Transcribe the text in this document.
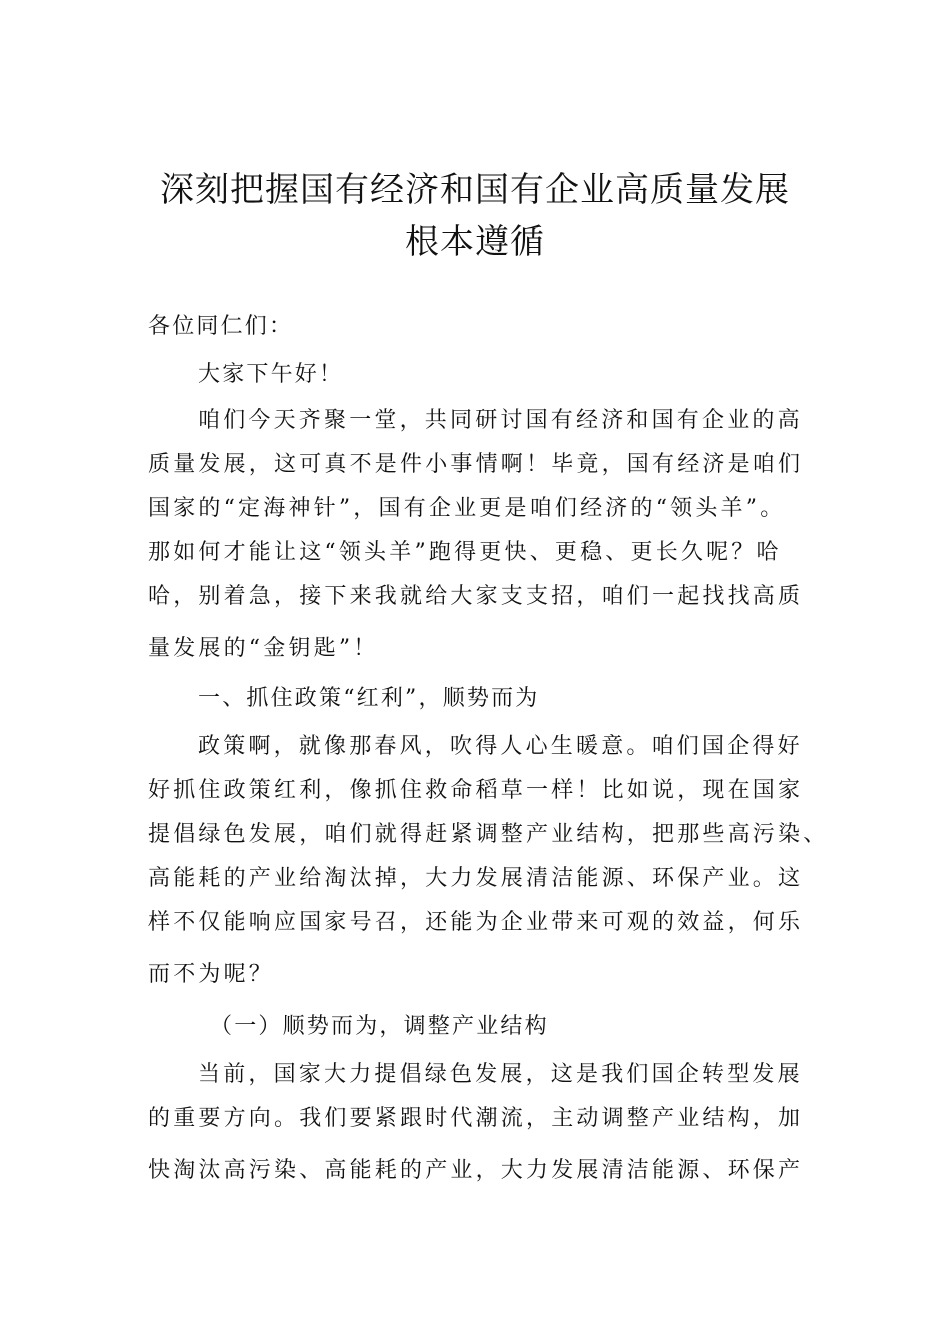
深刻把握国有经济和国有企业高质量发展
根本遵循
各位同仁们：
大家下午好！
咱们今天齐聚一堂，共同研讨国有经济和国有企业的高
质量发展，这可真不是件小事情啊！毕竟，国有经济是咱们
国家的“定海神针”，国有企业更是咱们经济的“领头羊”。
那如何才能让这“领头羊”跑得更快、更稳、更长久呢？哈
哈，别着急，接下来我就给大家支支招，咱们一起找找高质
量发展的“金钥匙”！
一、抓住政策“红利”，顺势而为
政策啊，就像那春风，吹得人心生暖意。咱们国企得好
好抓住政策红利，像抓住救命稻草一样！比如说，现在国家
提倡绿色发展，咱们就得赶紧调整产业结构，把那些高污染、
高能耗的产业给淘汰掉，大力发展清洁能源、环保产业。这
样不仅能响应国家号召，还能为企业带来可观的效益，何乐
而不为呢？
（一）顺势而为，调整产业结构
当前，国家大力提倡绿色发展，这是我们国企转型发展
的重要方向。我们要紧跟时代潮流，主动调整产业结构，加
快淘汰高污染、高能耗的产业，大力发展清洁能源、环保产
